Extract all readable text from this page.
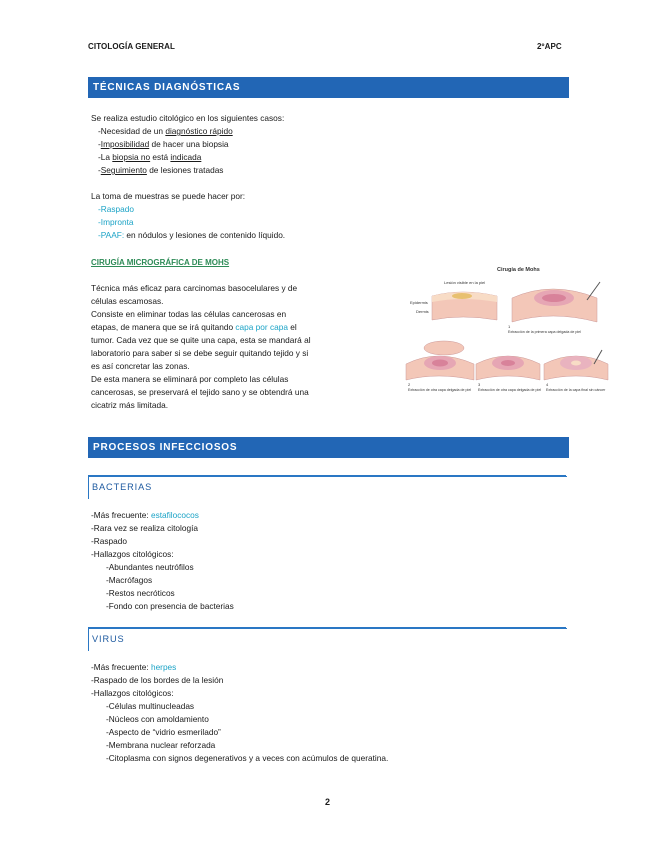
CITOLOGÍA GENERAL	2ºAPC
TÉCNICAS DIAGNÓSTICAS
Se realiza estudio citológico en los siguientes casos:
-Necesidad de un diagnóstico rápido
-Imposibilidad de hacer una biopsia
-La biopsia no está indicada
-Seguimiento de lesiones tratadas
La toma de muestras se puede hacer por:
-Raspado
-Impronta
-PAAF: en nódulos y lesiones de contenido líquido.
CIRUGÍA MICROGRÁFICA DE MOHS
Técnica más eficaz para carcinomas basocelulares y de
células escamosas.
Consiste en eliminar todas las células cancerosas en
etapas, de manera que se irá quitando capa por capa el
tumor. Cada vez que se quite una capa, esta se mandará al
laboratorio para saber si se debe seguir quitando tejido y si
es así concretar las zonas.
De esta manera se eliminará por completo las células
cancerosas, se preservará el tejido sano y se obtendrá una
cicatriz más limitada.
Cirugía de Mohs
Lesión visible en la piel
Epidermis
Dermis
1
Extracción de la primera capa delgada de piel
2
Extracción de otra capa delgada de piel
3
Extracción de otra capa delgada de piel
4
Extracción de la capa final sin cáncer
PROCESOS INFECCIOSOS
BACTERIAS
-Más frecuente: estafilococos
-Rara vez se realiza citología
-Raspado
-Hallazgos citológicos:
-Abundantes neutrófilos
-Macrófagos
-Restos necróticos
-Fondo con presencia de bacterias
VIRUS
-Más frecuente: herpes
-Raspado de los bordes de la lesión
-Hallazgos citológicos:
-Células multinucleadas
-Núcleos con amoldamiento
-Aspecto de “vidrio esmerilado”
-Membrana nuclear reforzada
-Citoplasma con signos degenerativos y a veces con acúmulos de queratina.
2
